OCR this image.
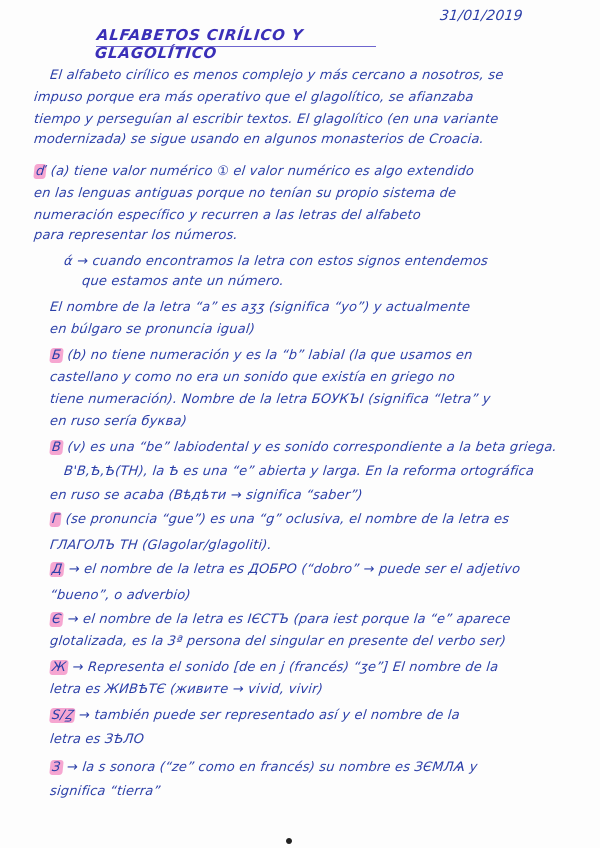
31/01/2019
ALFABETOS CIRÍLICO Y GLAGOLÍTICO
El alfabeto cirílico es menos complejo y más cercano a nosotros, se
impuso porque era más operativo que el glagolítico, se afianzaba
tiempo y perseguían al escribir textos. El glagolítico (en una variante
modernizada) se sigue usando en algunos monasterios de Croacia.
ď (a) tiene valor numérico ① el valor numérico es algo extendido
en las lenguas antiguas porque no tenían su propio sistema de
numeración específico y recurren a las letras del alfabeto
para representar los números.
ά → cuando encontramos la letra con estos signos entendemos
que estamos ante un número.
El nombre de la letra “a” es aʒʒ (significa “yo”) y actualmente
en búlgaro se pronuncia igual)
Б (b) no tiene numeración y es la “b” labial (la que usamos en
castellano y como no era un sonido que existía en griego no
tiene numeración). Nombre de la letra БОУКЪІ (significa “letra” y
en ruso sería буква)
В (v) es una “be” labiodental y es sonido correspondiente a la beta griega.
В'В,Ѣ,Ѣ(TH), la Ѣ es una “e” abierta y larga. En la reforma ortográfica
en ruso se acaba (Вѣдѣти → significa “saber”)
Г (se pronuncia “gue”) es una “g” oclusiva, el nombre de la letra es
ГЛАГОЛЪ ТН (Glagolar/glagoliti).
Д → el nombre de la letra es ДОБРО (“dobro” → puede ser el adjetivo
“bueno”, o adverbio)
Є → el nombre de la letra es ІЄСТЪ (para iest porque la “e” aparece
glotalizada, es la 3ª persona del singular en presente del verbo ser)
Ж → Representa el sonido [de en j (francés) “ʒe”] El nombre de la
letra es ЖИВѢТЄ (живите → vivid, vivir)
S/Ꙁ → también puede ser representado así y el nombre de la
letra es ЗѢЛО
З → la s sonora (“ze” como en francés) su nombre es ЗЄМЛѦ y
significa “tierra”
